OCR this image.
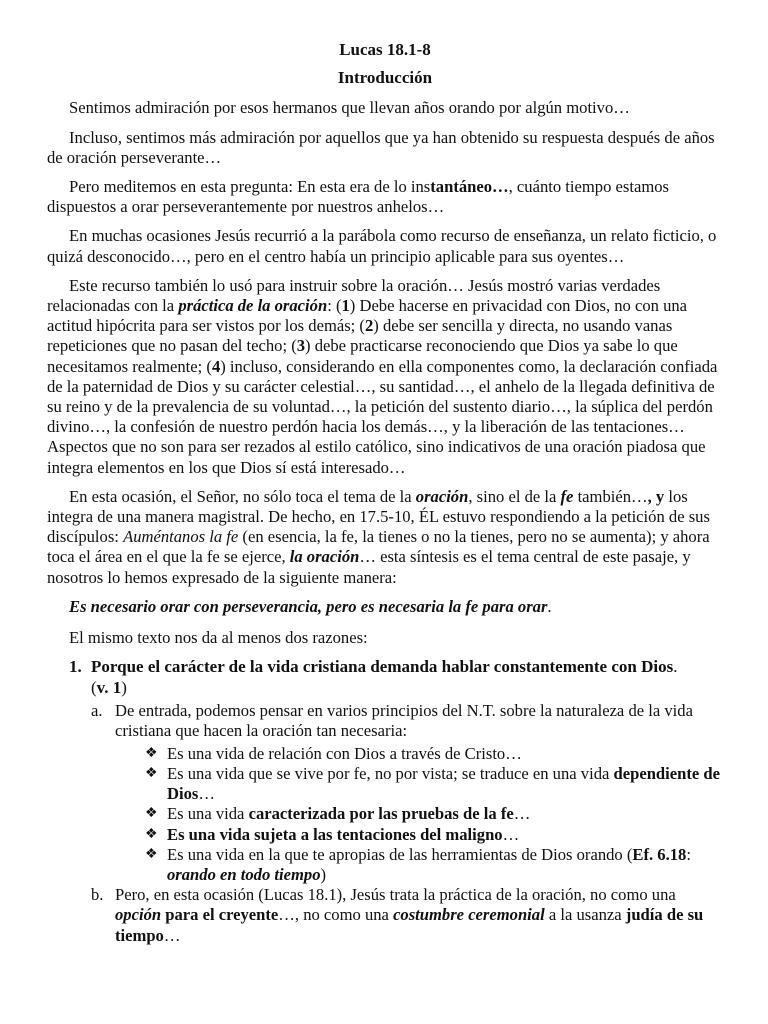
Lucas 18.1-8
Introducción

Sentimos admiración por esos hermanos que llevan años orando por algún motivo…

Incluso, sentimos más admiración por aquellos que ya han obtenido su respuesta después de años de oración perseverante…

Pero meditemos en esta pregunta: En esta era de lo instantáneo…, cuánto tiempo estamos dispuestos a orar perseverantemente por nuestros anhelos…

En muchas ocasiones Jesús recurrió a la parábola como recurso de enseñanza, un relato ficticio, o quizá desconocido…, pero en el centro había un principio aplicable para sus oyentes…

Este recurso también lo usó para instruir sobre la oración… Jesús mostró varias verdades relacionadas con la práctica de la oración: (1) Debe hacerse en privacidad con Dios, no con una actitud hipócrita para ser vistos por los demás; (2) debe ser sencilla y directa, no usando vanas repeticiones que no pasan del techo; (3) debe practicarse reconociendo que Dios ya sabe lo que necesitamos realmente; (4) incluso, considerando en ella componentes como, la declaración confiada de la paternidad de Dios y su carácter celestial…, su santidad…, el anhelo de la llegada definitiva de su reino y de la prevalencia de su voluntad…, la petición del sustento diario…, la súplica del perdón divino…, la confesión de nuestro perdón hacia los demás…, y la liberación de las tentaciones… Aspectos que no son para ser rezados al estilo católico, sino indicativos de una oración piadosa que integra elementos en los que Dios sí está interesado…

En esta ocasión, el Señor, no sólo toca el tema de la oración, sino el de la fe también…, y los integra de una manera magistral. De hecho, en 17.5-10, ÉL estuvo respondiendo a la petición de sus discípulos: Auméntanos la fe (en esencia, la fe, la tienes o no la tienes, pero no se aumenta); y ahora toca el área en el que la fe se ejerce, la oración… esta síntesis es el tema central de este pasaje, y nosotros lo hemos expresado de la siguiente manera:

Es necesario orar con perseverancia, pero es necesaria la fe para orar.
El mismo texto nos da al menos dos razones:
1. Porque el carácter de la vida cristiana demanda hablar constantemente con Dios.
(v. 1)
a. De entrada, podemos pensar en varios principios del N.T. sobre la naturaleza de la vida cristiana que hacen la oración tan necesaria:
❖ Es una vida de relación con Dios a través de Cristo…
❖ Es una vida que se vive por fe, no por vista; se traduce en una vida dependiente de Dios…
❖ Es una vida caracterizada por las pruebas de la fe…
❖ Es una vida sujeta a las tentaciones del maligno…
❖ Es una vida en la que te apropias de las herramientas de Dios orando (Ef. 6.18: orando en todo tiempo)
b. Pero, en esta ocasión (Lucas 18.1), Jesús trata la práctica de la oración, no como una opción para el creyente…, no como una costumbre ceremonial a la usanza judía de su tiempo…
